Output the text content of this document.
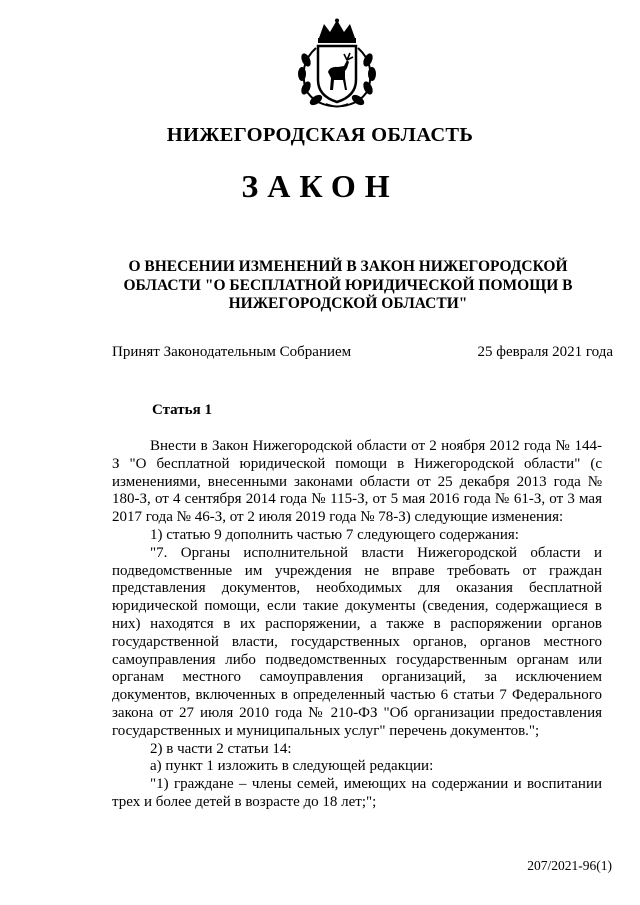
НИЖЕГОРОДСКАЯ ОБЛАСТЬ
ЗАКОН
О ВНЕСЕНИИ ИЗМЕНЕНИЙ В ЗАКОН НИЖЕГОРОДСКОЙ ОБЛАСТИ "О БЕСПЛАТНОЙ ЮРИДИЧЕСКОЙ ПОМОЩИ В НИЖЕГОРОДСКОЙ ОБЛАСТИ"
Принят Законодательным Собранием	25 февраля 2021 года
Статья 1

Внести в Закон Нижегородской области от 2 ноября 2012 года № 144-З "О бесплатной юридической помощи в Нижегородской области" (с изменениями, внесенными законами области от 25 декабря 2013 года № 180-З, от 4 сентября 2014 года № 115-З, от 5 мая 2016 года № 61-З, от 3 мая 2017 года № 46-З, от 2 июля 2019 года № 78-З) следующие изменения:

1) статью 9 дополнить частью 7 следующего содержания:

"7. Органы исполнительной власти Нижегородской области и подведомственные им учреждения не вправе требовать от граждан представления документов, необходимых для оказания бесплатной юридической помощи, если такие документы (сведения, содержащиеся в них) находятся в их распоряжении, а также в распоряжении органов государственной власти, государственных органов, органов местного самоуправления либо подведомственных государственным органам или органам местного самоуправления организаций, за исключением документов, включенных в определенный частью 6 статьи 7 Федерального закона от 27 июля 2010 года № 210-ФЗ "Об организации предоставления государственных и муниципальных услуг" перечень документов.";

2) в части 2 статьи 14:

а) пункт 1 изложить в следующей редакции:

"1) граждане – члены семей, имеющих на содержании и воспитании трех и более детей в возрасте до 18 лет;";

207/2021-96(1)
